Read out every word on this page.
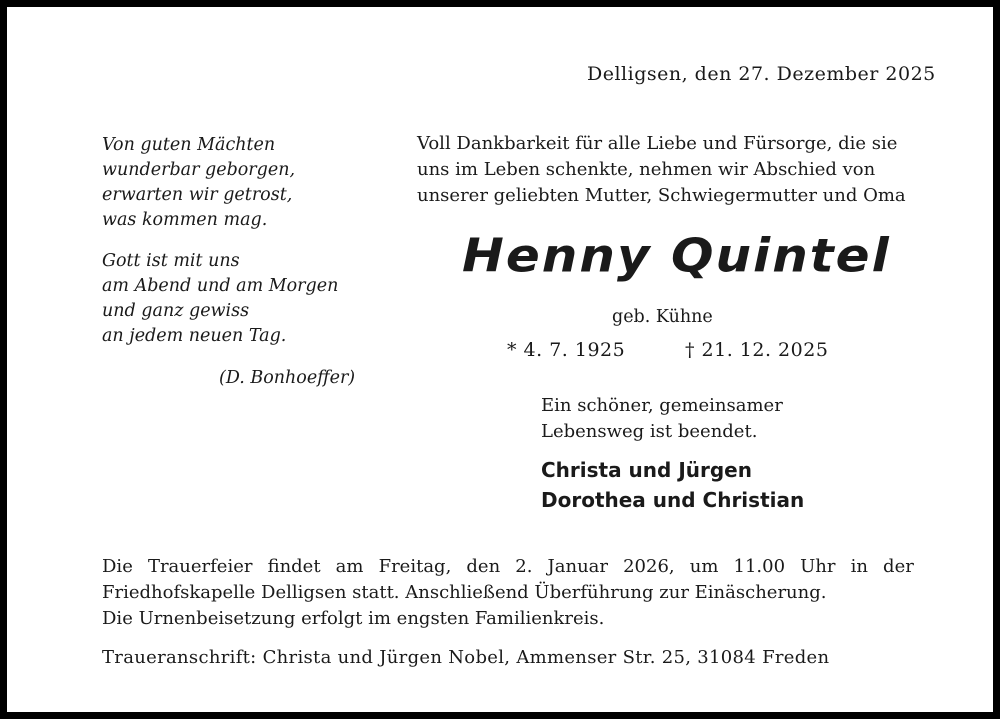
Delligsen, den 27. Dezember 2025
Von guten Mächten
wunderbar geborgen,
erwarten wir getrost,
was kommen mag.
Gott ist mit uns
am Abend und am Morgen
und ganz gewiss
an jedem neuen Tag.
(D. Bonhoeffer)
Voll Dankbarkeit für alle Liebe und Fürsorge, die sie
uns im Leben schenkte, nehmen wir Abschied von
unserer geliebten Mutter, Schwiegermutter und Oma
Henny Quintel
geb. Kühne
* 4. 7. 1925	† 21. 12. 2025
Ein schöner, gemeinsamer
Lebensweg ist beendet.
Christa und Jürgen
Dorothea und Christian
Die Trauerfeier findet am Freitag, den 2. Januar 2026, um 11.00 Uhr in der
Friedhofskapelle Delligsen statt. Anschließend Überführung zur Einäscherung.
Die Urnenbeisetzung erfolgt im engsten Familienkreis.
Traueranschrift: Christa und Jürgen Nobel, Ammenser Str. 25, 31084 Freden
